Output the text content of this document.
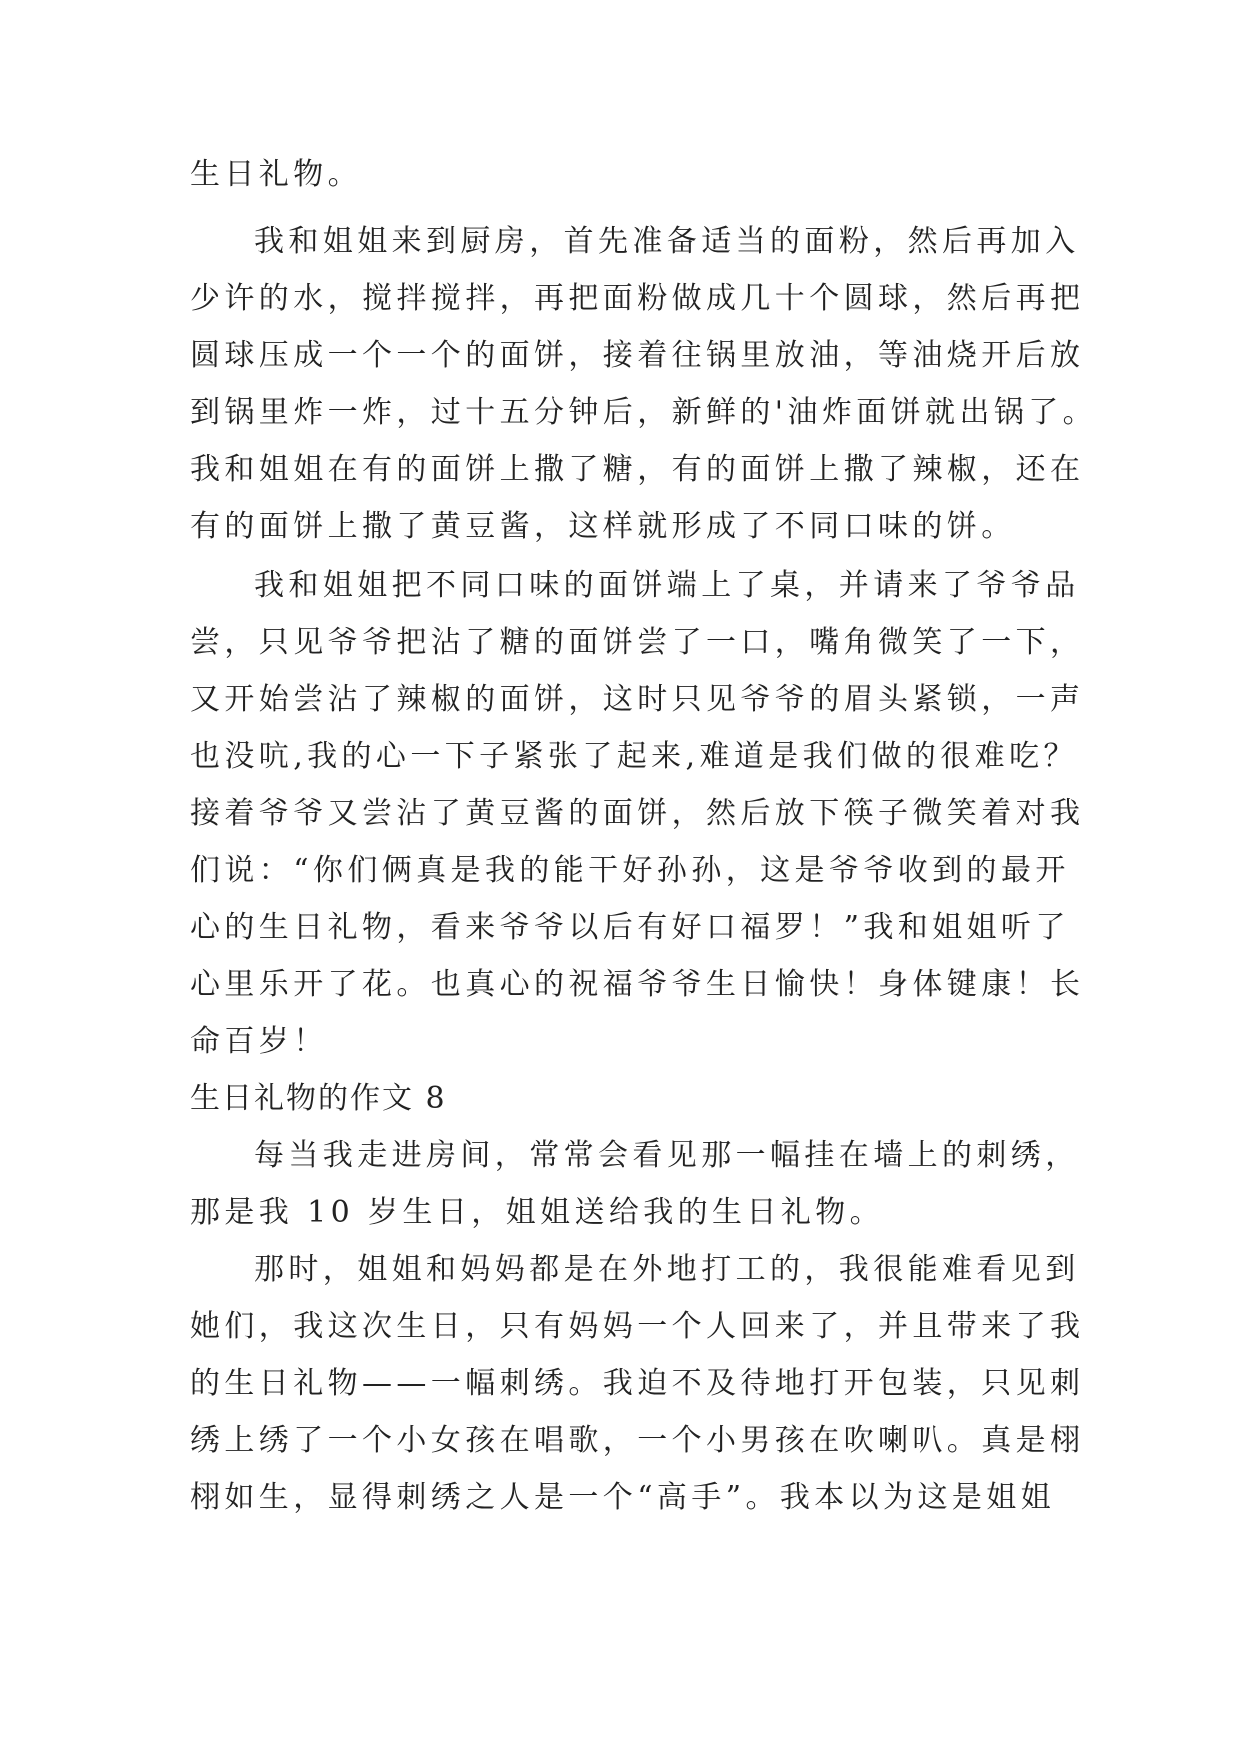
生日礼物。

我和姐姐来到厨房，首先准备适当的面粉，然后再加入

少许的水，搅拌搅拌，再把面粉做成几十个圆球，然后再把

圆球压成一个一个的面饼，接着往锅里放油，等油烧开后放

到锅里炸一炸，过十五分钟后，新鲜的'油炸面饼就出锅了。

我和姐姐在有的面饼上撒了糖，有的面饼上撒了辣椒，还在

有的面饼上撒了黄豆酱，这样就形成了不同口味的饼。

我和姐姐把不同口味的面饼端上了桌，并请来了爷爷品

尝，只见爷爷把沾了糖的面饼尝了一口，嘴角微笑了一下，

又开始尝沾了辣椒的面饼，这时只见爷爷的眉头紧锁，一声

也没吭,我的心一下子紧张了起来,难道是我们做的很难吃？

接着爷爷又尝沾了黄豆酱的面饼，然后放下筷子微笑着对我

们说：“你们俩真是我的能干好孙孙，这是爷爷收到的最开

心的生日礼物，看来爷爷以后有好口福罗！”我和姐姐听了

心里乐开了花。也真心的祝福爷爷生日愉快！身体键康！长

命百岁！

生日礼物的作文 8

每当我走进房间，常常会看见那一幅挂在墙上的刺绣，

那是我 10 岁生日，姐姐送给我的生日礼物。

那时，姐姐和妈妈都是在外地打工的，我很能难看见到

她们，我这次生日，只有妈妈一个人回来了，并且带来了我

的生日礼物——一幅刺绣。我迫不及待地打开包装，只见刺

绣上绣了一个小女孩在唱歌，一个小男孩在吹喇叭。真是栩

栩如生，显得刺绣之人是一个“高手”。我本以为这是姐姐
